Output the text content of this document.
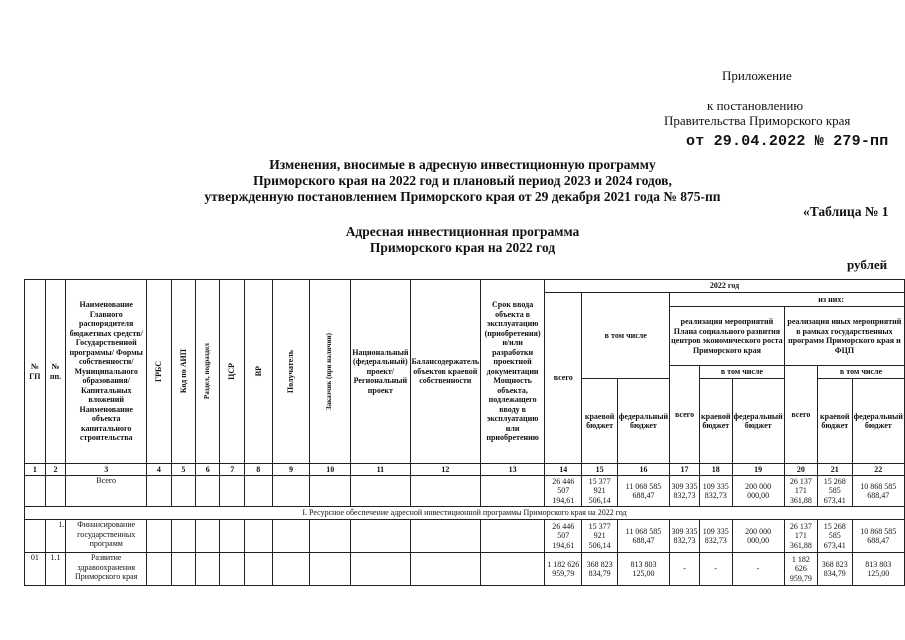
Приложение
к постановлению
Правительства Приморского края
от 29.04.2022 № 279-пп
Изменения, вносимые в адресную инвестиционную программу
Приморского края на 2022 год и плановый период 2023 и 2024 годов,
утвержденную постановлением Приморского края от 29 декабря 2021 года № 875-пп
«Таблица № 1
Адресная инвестиционная программа
Приморского края на 2022 год
рублей
№ ГП	№ пп.	Наименование Главного распорядителя бюджетных средств/Государственной программы/ Формы собственности/Муниципального образования/Капитальных вложений Наименование объекта капитального строительства	ГРБС	Код по АИП	Раздел, подраздел	ЦСР	ВР	Получатель	Заказчик (при наличии)	Национальный (федеральный) проект/ Региональный проект	Балансодержатель объектов краевой собственности	Срок ввода объекта в эксплуатацию (приобретения) и/или разработки проектной документации Мощность объекта, подлежащего вводу в эксплуатацию или приобретению	2022 год								
													всего	в том числе		из них:					
																реализация мероприятий Плана социального развития центров экономического роста Приморского края			реализация иных мероприятий в рамках государственных программ Приморского края и ФЦП		
																всего	в том числе		всего	в том числе	
														краевой бюджет	федеральный бюджет		краевой бюджет	федеральный бюджет		краевой бюджет	федеральный бюджет
1	2	3	4	5	6	7	8	9	10	11	12	13	14	15	16	17	18	19	20	21	22
		Всего											26 446 507 194,61	15 377 921 506,14	11 068 585 688,47	309 335 832,73	109 335 832,73	200 000 000,00	26 137 171 361,88	15 268 585 673,41	10 868 585 688,47
I. Ресурсное обеспечение адресной инвестиционной программы Приморского края на 2022 год																					
	1.	Финансирование государственных программ											26 446 507 194,61	15 377 921 506,14	11 068 585 688,47	309 335 832,73	109 335 832,73	200 000 000,00	26 137 171 361,88	15 268 585 673,41	10 868 585 688,47
01	1.1	Развитие здравоохранения Приморского края											1 182 626 959,79	368 823 834,79	813 803 125,00	-	-	-	1 182 626 959,79	368 823 834,79	813 803 125,00
